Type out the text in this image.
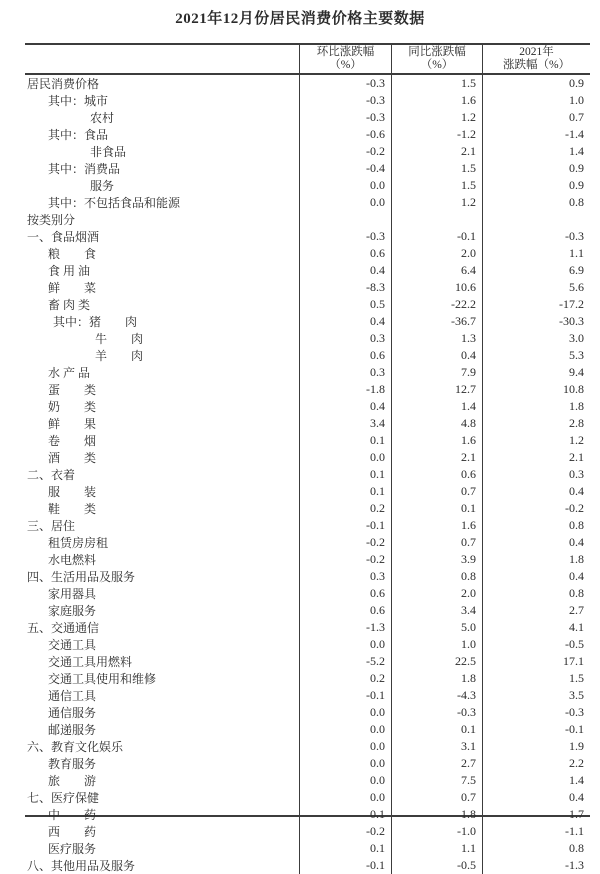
2021年12月份居民消费价格主要数据
环比涨跌幅
（%）
同比涨跌幅
（%）
2021年
涨跌幅（%）
居民消费价格	-0.3	1.5	0.9
其中：城市	-0.3	1.6	1.0
农村	-0.3	1.2	0.7
其中：食品	-0.6	-1.2	-1.4
非食品	-0.2	2.1	1.4
其中：消费品	-0.4	1.5	0.9
服务	0.0	1.5	0.9
其中：不包括食品和能源	0.0	1.2	0.8
按类别分
一、食品烟酒	-0.3	-0.1	-0.3
粮　　食	0.6	2.0	1.1
食 用 油	0.4	6.4	6.9
鲜　　菜	-8.3	10.6	5.6
畜 肉 类	0.5	-22.2	-17.2
其中：猪　　肉	0.4	-36.7	-30.3
牛　　肉	0.3	1.3	3.0
羊　　肉	0.6	0.4	5.3
水 产 品	0.3	7.9	9.4
蛋　　类	-1.8	12.7	10.8
奶　　类	0.4	1.4	1.8
鲜　　果	3.4	4.8	2.8
卷　　烟	0.1	1.6	1.2
酒　　类	0.0	2.1	2.1
二、衣着	0.1	0.6	0.3
服　　装	0.1	0.7	0.4
鞋　　类	0.2	0.1	-0.2
三、居住	-0.1	1.6	0.8
租赁房房租	-0.2	0.7	0.4
水电燃料	-0.2	3.9	1.8
四、生活用品及服务	0.3	0.8	0.4
家用器具	0.6	2.0	0.8
家庭服务	0.6	3.4	2.7
五、交通通信	-1.3	5.0	4.1
交通工具	0.0	1.0	-0.5
交通工具用燃料	-5.2	22.5	17.1
交通工具使用和维修	0.2	1.8	1.5
通信工具	-0.1	-4.3	3.5
通信服务	0.0	-0.3	-0.3
邮递服务	0.0	0.1	-0.1
六、教育文化娱乐	0.0	3.1	1.9
教育服务	0.0	2.7	2.2
旅　　游	0.0	7.5	1.4
七、医疗保健	0.0	0.7	0.4
中　　药	0.1	1.8	1.7
西　　药	-0.2	-1.0	-1.1
医疗服务	0.1	1.1	0.8
八、其他用品及服务	-0.1	-0.5	-1.3
